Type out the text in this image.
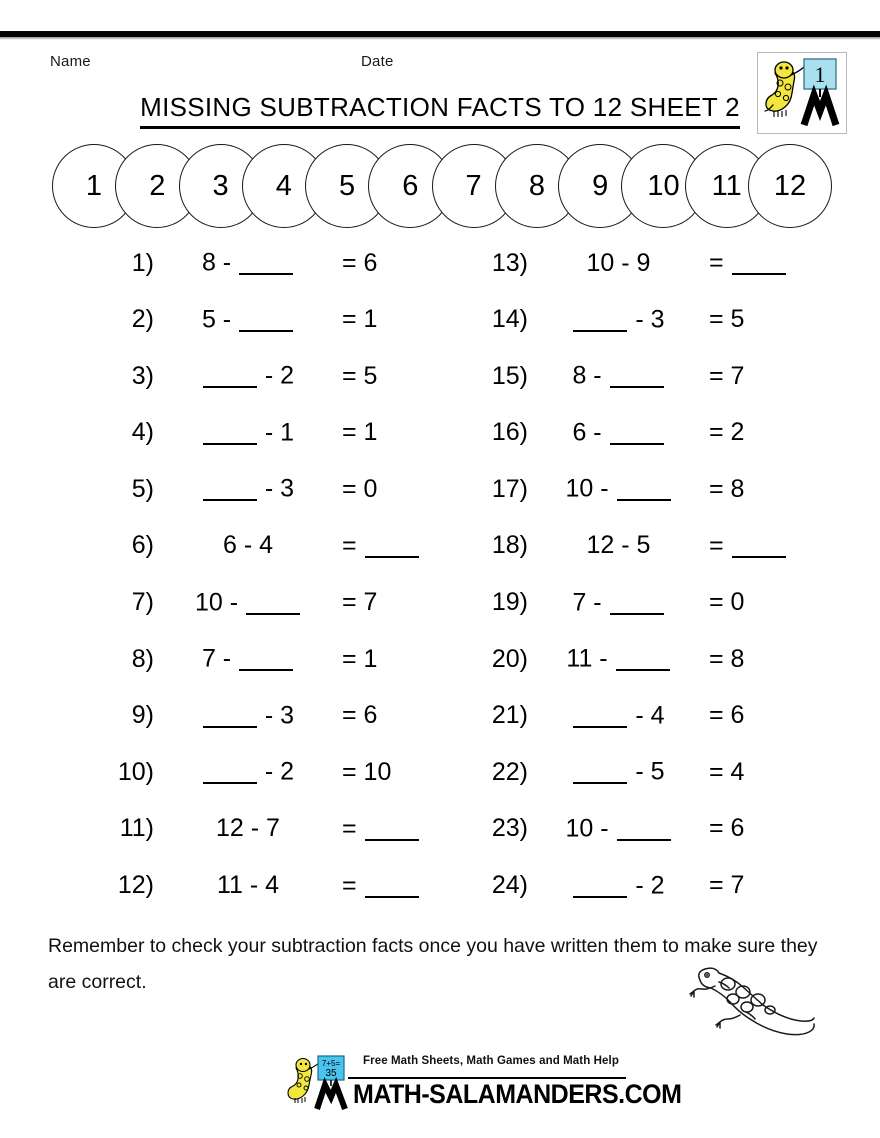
Name	Date
MISSING SUBTRACTION FACTS TO 12 SHEET 2
1
1	2	3	4	5	6	7	8	9	10	11	12
1)	8 -	= 6
2)	5 -	= 1
3)	- 2	= 5
4)	- 1	= 1
5)	- 3	= 0
6)	6 - 4	=
7)	10 -	= 7
8)	7 -	= 1
9)	- 3	= 6
10)	- 2	= 10
11)	12 - 7	=
12)	11 - 4	=
13)	10 - 9	=
14)	- 3	= 5
15)	8 -	= 7
16)	6 -	= 2
17)	10 -	= 8
18)	12 - 5	=
19)	7 -	= 0
20)	11 -	= 8
21)	- 4	= 6
22)	- 5	= 4
23)	10 -	= 6
24)	- 2	= 7
Remember to check your subtraction facts once you have written them to make sure they are correct.
7+5=
35
Free Math Sheets, Math Games and Math Help
MATH-SALAMANDERS.COM
